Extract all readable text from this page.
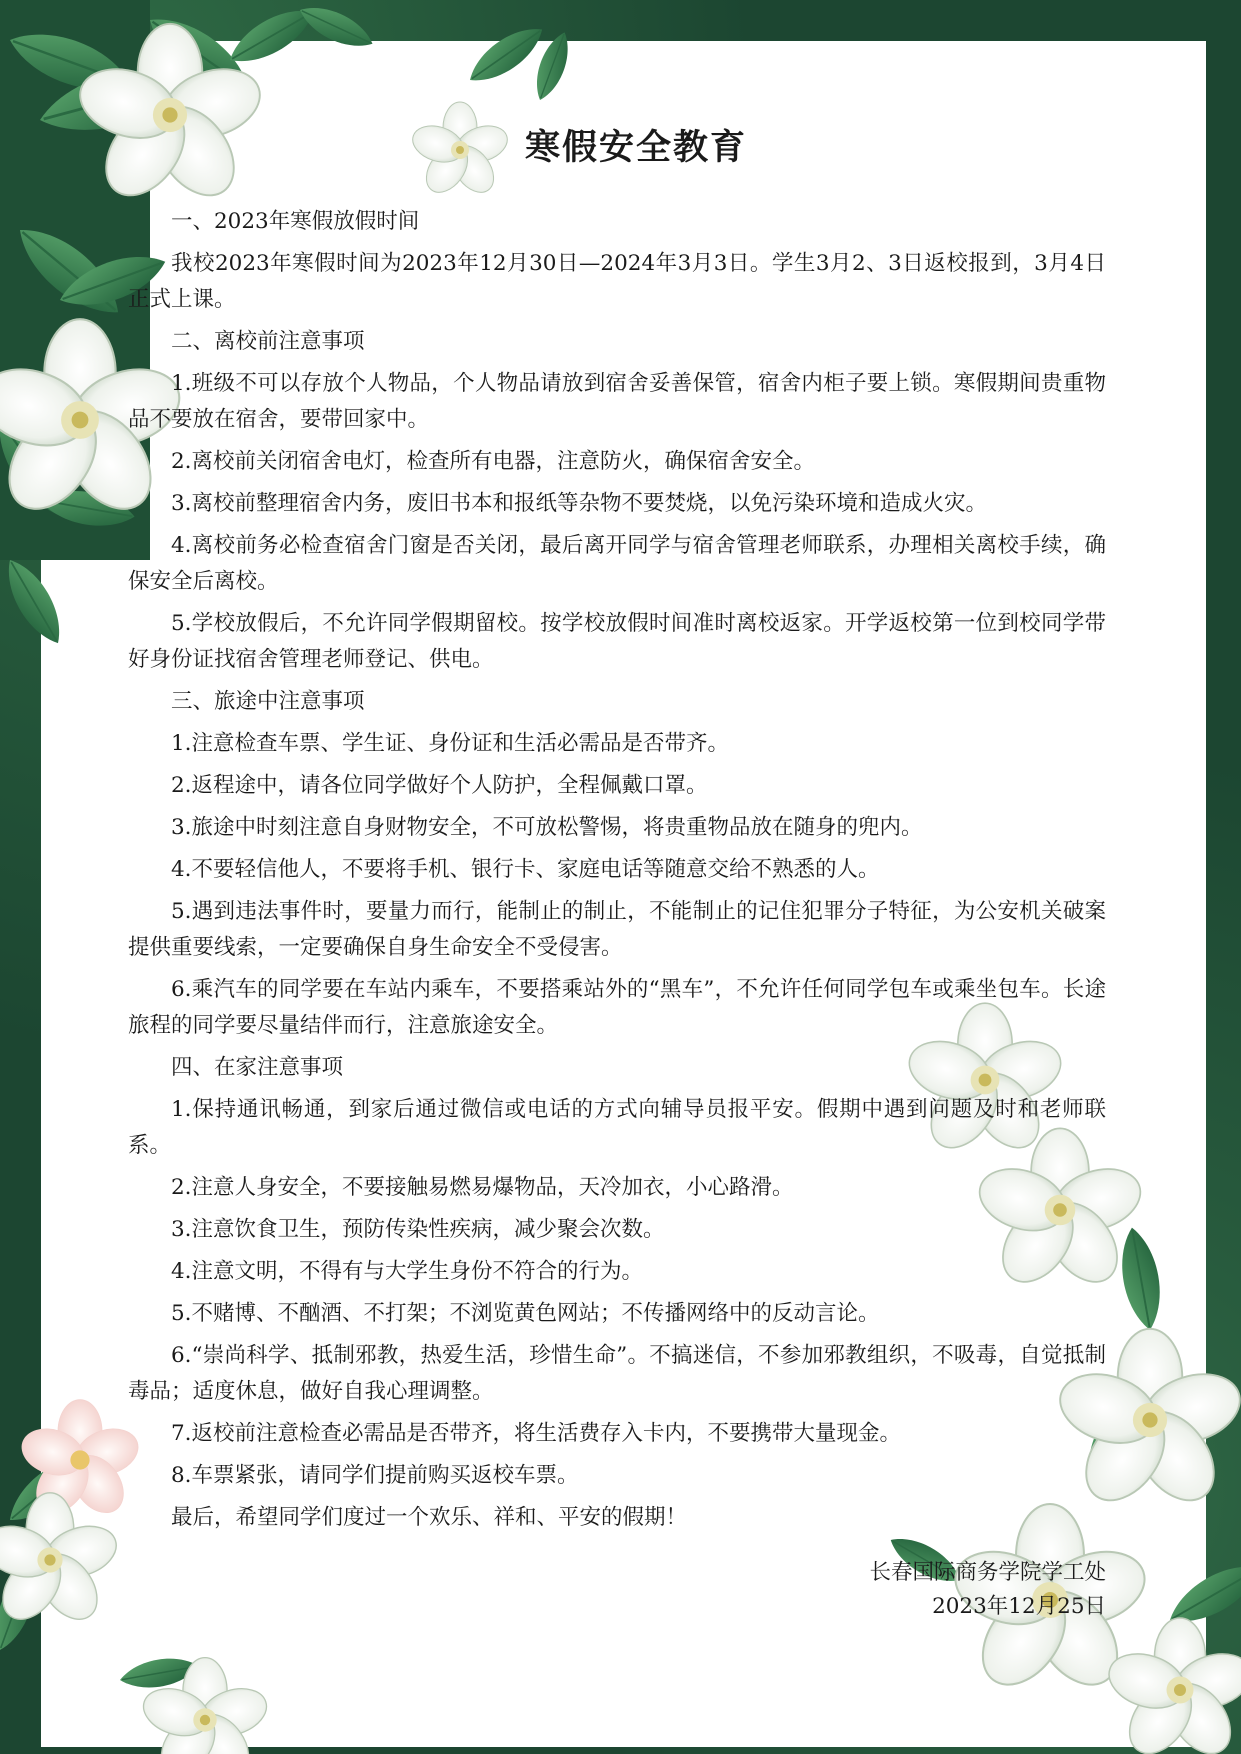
寒假安全教育

一、2023年寒假放假时间

我校2023年寒假时间为2023年12月30日—2024年3月3日。学生3月2、3日返校报到，3月4日正式上课。

二、离校前注意事项

1.班级不可以存放个人物品，个人物品请放到宿舍妥善保管，宿舍内柜子要上锁。寒假期间贵重物品不要放在宿舍，要带回家中。

2.离校前关闭宿舍电灯，检查所有电器，注意防火，确保宿舍安全。

3.离校前整理宿舍内务，废旧书本和报纸等杂物不要焚烧，以免污染环境和造成火灾。

4.离校前务必检查宿舍门窗是否关闭，最后离开同学与宿舍管理老师联系，办理相关离校手续，确保安全后离校。

5.学校放假后，不允许同学假期留校。按学校放假时间准时离校返家。开学返校第一位到校同学带好身份证找宿舍管理老师登记、供电。

三、旅途中注意事项

1.注意检查车票、学生证、身份证和生活必需品是否带齐。

2.返程途中，请各位同学做好个人防护，全程佩戴口罩。

3.旅途中时刻注意自身财物安全，不可放松警惕，将贵重物品放在随身的兜内。

4.不要轻信他人，不要将手机、银行卡、家庭电话等随意交给不熟悉的人。

5.遇到违法事件时，要量力而行，能制止的制止，不能制止的记住犯罪分子特征，为公安机关破案提供重要线索，一定要确保自身生命安全不受侵害。

6.乘汽车的同学要在车站内乘车，不要搭乘站外的“黑车”，不允许任何同学包车或乘坐包车。长途旅程的同学要尽量结伴而行，注意旅途安全。

四、在家注意事项

1.保持通讯畅通，到家后通过微信或电话的方式向辅导员报平安。假期中遇到问题及时和老师联系。

2.注意人身安全，不要接触易燃易爆物品，天冷加衣，小心路滑。

3.注意饮食卫生，预防传染性疾病，减少聚会次数。

4.注意文明，不得有与大学生身份不符合的行为。

5.不赌博、不酗酒、不打架；不浏览黄色网站；不传播网络中的反动言论。

6.“崇尚科学、抵制邪教，热爱生活，珍惜生命”。不搞迷信，不参加邪教组织，不吸毒，自觉抵制毒品；适度休息，做好自我心理调整。

7.返校前注意检查必需品是否带齐，将生活费存入卡内，不要携带大量现金。

8.车票紧张，请同学们提前购买返校车票。

最后，希望同学们度过一个欢乐、祥和、平安的假期！

长春国际商务学院学工处

2023年12月25日
